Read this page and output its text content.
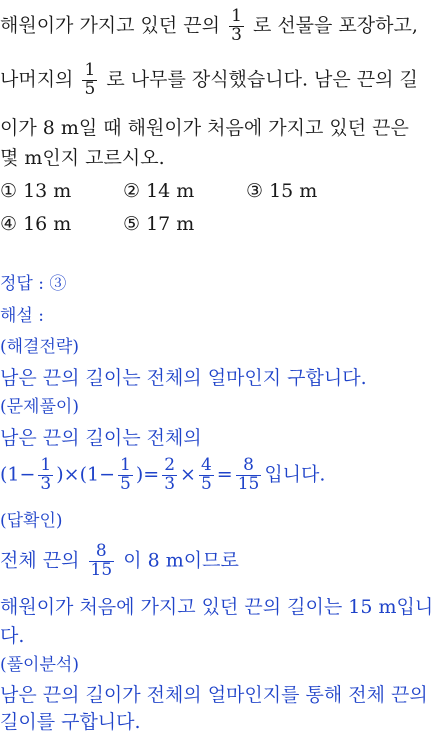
해원이가 가지고 있던 끈의 $\frac{1}{3}$ 로 선물을 포장하고,
나머지의 $\frac{1}{5}$ 로 나무를 장식했습니다. 남은 끈의 길
이가 8 m일 때 해원이가 처음에 가지고 있던 끈은
몇 m인지 고르시오.
① 13 m	② 14 m	③ 15 m
④ 16 m	⑤ 17 m
정답 : ③
해설 :
(해결전략)
남은 끈의 길이는 전체의 얼마인지 구합니다.
(문제풀이)
남은 끈의 길이는 전체의
$(1- \frac{1}{3} )\times(1- \frac{1}{5}$ )= $\frac{2}{3} \times \frac{4}{5} = \frac{8}{15}$ 입니다.
(답확인)
전체 끈의 $\frac{8}{15}$ 이 8 m이므로
해원이가 처음에 가지고 있던 끈의 길이는 15 m입니
다.
(풀이분석)
남은 끈의 길이가 전체의 얼마인지를 통해 전체 끈의
길이를 구합니다.
